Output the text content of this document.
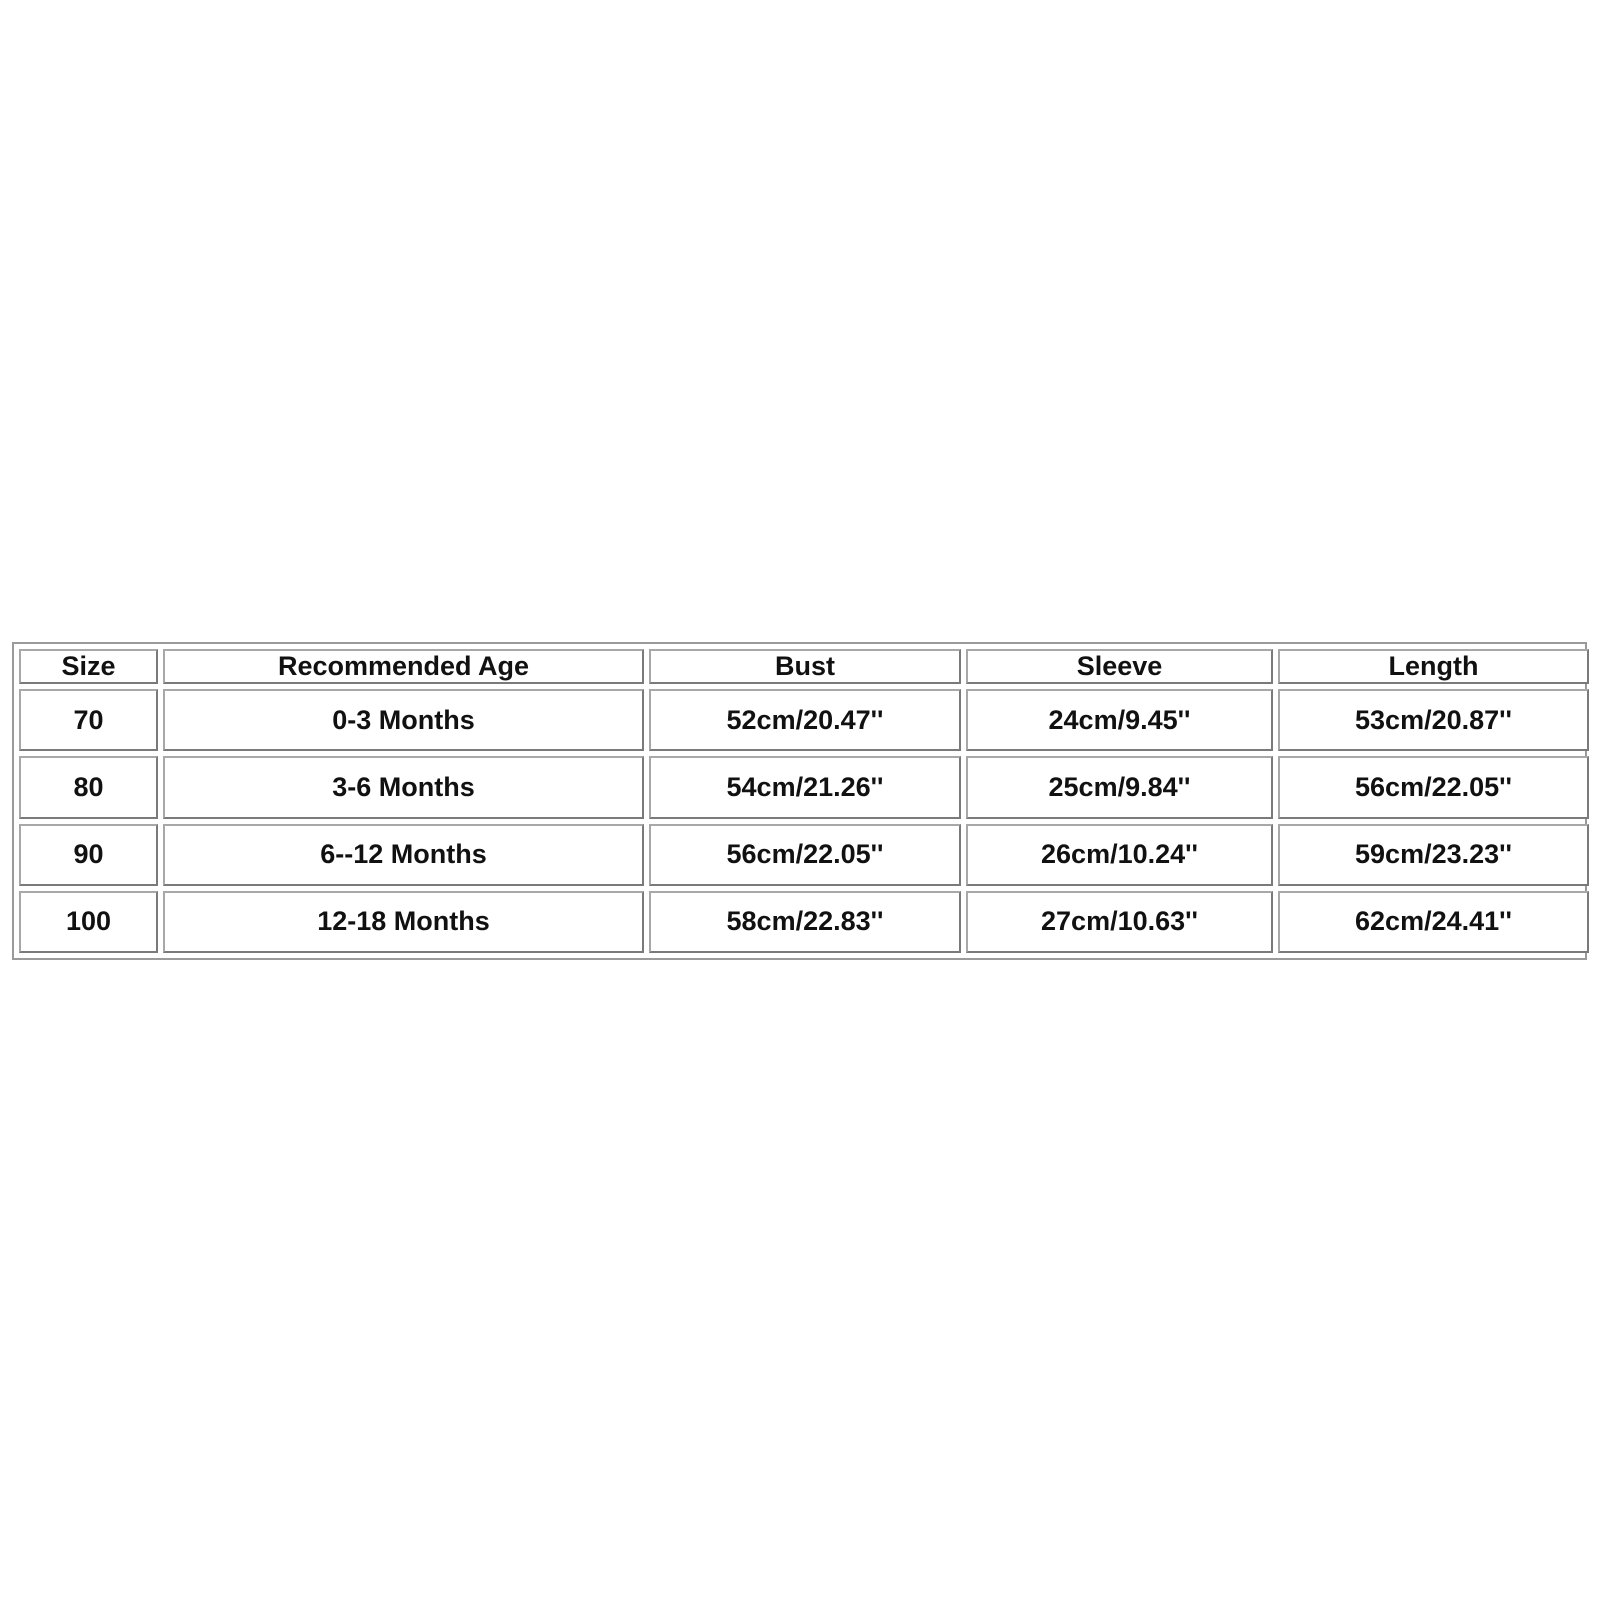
Size	Recommended Age	Bust	Sleeve	Length
70	0-3 Months	52cm/20.47''	24cm/9.45''	53cm/20.87''
80	3-6 Months	54cm/21.26''	25cm/9.84''	56cm/22.05''
90	6--12 Months	56cm/22.05''	26cm/10.24''	59cm/23.23''
100	12-18 Months	58cm/22.83''	27cm/10.63''	62cm/24.41''
